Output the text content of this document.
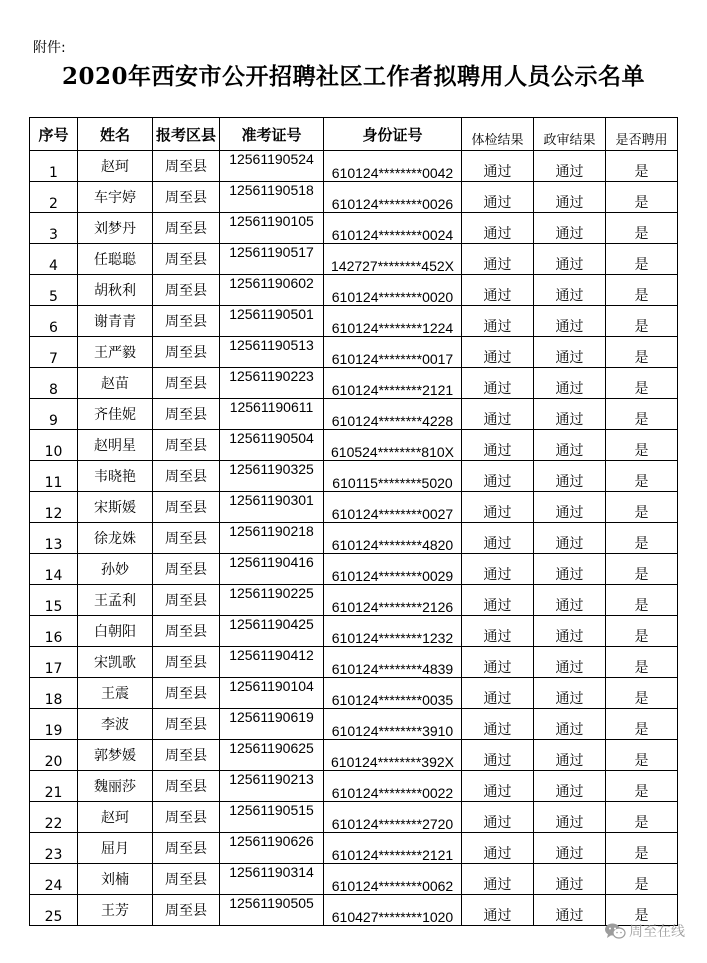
附件:
2020年西安市公开招聘社区工作者拟聘用人员公示名单
序号	姓名	报考区县	准考证号	身份证号	体检结果	政审结果	是否聘用
1	赵珂	周至县	12561190524	610124********0042	通过	通过	是
2	车宇婷	周至县	12561190518	610124********0026	通过	通过	是
3	刘梦丹	周至县	12561190105	610124********0024	通过	通过	是
4	任聪聪	周至县	12561190517	142727********452X	通过	通过	是
5	胡秋利	周至县	12561190602	610124********0020	通过	通过	是
6	谢青青	周至县	12561190501	610124********1224	通过	通过	是
7	王严毅	周至县	12561190513	610124********0017	通过	通过	是
8	赵苗	周至县	12561190223	610124********2121	通过	通过	是
9	齐佳妮	周至县	12561190611	610124********4228	通过	通过	是
10	赵明星	周至县	12561190504	610524********810X	通过	通过	是
11	韦晓艳	周至县	12561190325	610115********5020	通过	通过	是
12	宋斯媛	周至县	12561190301	610124********0027	通过	通过	是
13	徐龙姝	周至县	12561190218	610124********4820	通过	通过	是
14	孙妙	周至县	12561190416	610124********0029	通过	通过	是
15	王孟利	周至县	12561190225	610124********2126	通过	通过	是
16	白朝阳	周至县	12561190425	610124********1232	通过	通过	是
17	宋凯歌	周至县	12561190412	610124********4839	通过	通过	是
18	王震	周至县	12561190104	610124********0035	通过	通过	是
19	李波	周至县	12561190619	610124********3910	通过	通过	是
20	郭梦媛	周至县	12561190625	610124********392X	通过	通过	是
21	魏丽莎	周至县	12561190213	610124********0022	通过	通过	是
22	赵珂	周至县	12561190515	610124********2720	通过	通过	是
23	屈月	周至县	12561190626	610124********2121	通过	通过	是
24	刘楠	周至县	12561190314	610124********0062	通过	通过	是
25	王芳	周至县	12561190505	610427********1020	通过	通过	是
周至在线
